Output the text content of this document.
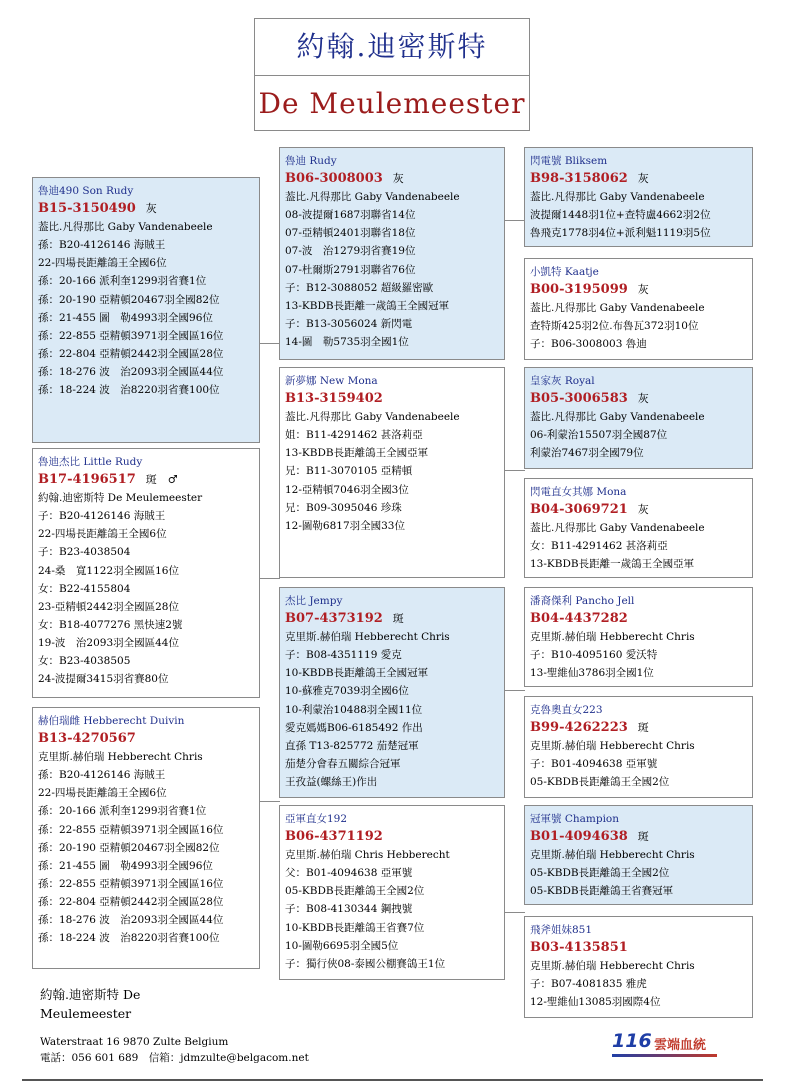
約翰.迪密斯特
De Meulemeester
魯迪490 Son Rudy
B15-3150490 灰
葢比.凡得那比 Gaby Vandenabeele
孫：B20-4126146 海賊王
22-四場長距離鴿王全國6位
孫：20-166 派利奎1299羽省賽1位
孫：20-190 亞精頓20467羽全國82位
孫：21-455 圖　勒4993羽全國96位
孫：22-855 亞精頓3971羽全國區16位
孫：22-804 亞精頓2442羽全國區28位
孫：18-276 波　治2093羽全國區44位
孫：18-224 波　治8220羽省賽100位
魯迪杰比 Little Rudy
B17-4196517 斑　♂
約翰.迪密斯特 De Meulemeester
子：B20-4126146 海賊王
22-四場長距離鴿王全國6位
子：B23-4038504
24-桑　寬1122羽全國區16位
女：B22-4155804
23-亞精頓2442羽全國區28位
女：B18-4077276 黑快速2號
19-波　治2093羽全國區44位
女：B23-4038505
24-波提爾3415羽省賽80位
赫伯瑞雌 Hebberecht Duivin
B13-4270567
克里斯.赫伯瑞 Hebberecht Chris
孫：B20-4126146 海賊王
22-四場長距離鴿王全國6位
孫：20-166 派利奎1299羽省賽1位
孫：22-855 亞精頓3971羽全國區16位
孫：20-190 亞精頓20467羽全國82位
孫：21-455 圖　勒4993羽全國96位
孫：22-855 亞精頓3971羽全國區16位
孫：22-804 亞精頓2442羽全國區28位
孫：18-276 波　治2093羽全國區44位
孫：18-224 波　治8220羽省賽100位
魯迪 Rudy
B06-3008003 灰
葢比.凡得那比 Gaby Vandenabeele
08-波提爾1687羽聯省14位
07-亞精頓2401羽聯省18位
07-波　治1279羽省賽19位
07-杜爾斯2791羽聯省76位
子：B12-3088052 超級羅密歐
13-KBDB長距離一歲鴿王全國冠軍
子：B13-3056024 新閃電
14-圖　勒5735羽全國1位
新夢娜 New Mona
B13-3159402
葢比.凡得那比 Gaby Vandenabeele
姐：B11-4291462 甚洛莉亞
13-KBDB長距離鴿王全國亞軍
兄：B11-3070105 亞精頓
12-亞精頓7046羽全國3位
兄：B09-3095046 珍珠
12-圖勒6817羽全國33位
杰比 Jempy
B07-4373192 斑
克里斯.赫伯瑞 Hebberecht Chris
子：B08-4351119 愛克
10-KBDB長距離鴿王全國冠軍
10-蘇雅克7039羽全國6位
10-利蒙治10488羽全國11位
愛克媽媽B06-6185492 作出
直孫 T13-825772 茄楚冠軍
茄楚分會春五關綜合冠軍
王孜益(螺絲王)作出
亞軍直女192
B06-4371192
克里斯.赫伯瑞 Chris Hebberecht
父：B01-4094638 亞軍號
05-KBDB長距離鴿王全國2位
子：B08-4130344 鋼拽號
10-KBDB長距離鴿王省賽7位
10-圖勒6695羽全國5位
子：獨行俠08-泰國公棚賽鴿王1位
閃電號 Bliksem
B98-3158062 灰
葢比.凡得那比 Gaby Vandenabeele
波提爾1448羽1位+查特盧4662羽2位
魯飛克1778羽4位+派利魁1119羽5位
小凱特 Kaatje
B00-3195099 灰
葢比.凡得那比 Gaby Vandenabeele
查特斯425羽2位.布魯瓦372羽10位
子：B06-3008003 魯迪
皇家灰 Royal
B05-3006583 灰
葢比.凡得那比 Gaby Vandenabeele
06-利蒙治15507羽全國87位
利蒙治7467羽全國79位
閃電直女其娜 Mona
B04-3069721 灰
葢比.凡得那比 Gaby Vandenabeele
女：B11-4291462 甚洛莉亞
13-KBDB長距離一歲鴿王全國亞軍
潘裔傑利 Pancho Jell
B04-4437282
克里斯.赫伯瑞 Hebberecht Chris
子：B10-4095160 愛沃特
13-聖維仙3786羽全國1位
克魯奧直女223
B99-4262223 斑
克里斯.赫伯瑞 Hebberecht Chris
子：B01-4094638 亞軍號
05-KBDB長距離鴿王全國2位
冠軍號 Champion
B01-4094638 斑
克里斯.赫伯瑞 Hebberecht Chris
05-KBDB長距離鴿王全國2位
05-KBDB長距離鴿王省賽冠軍
飛斧姐妹851
B03-4135851
克里斯.赫伯瑞 Hebberecht Chris
子：B07-4081835 雅虎
12-聖維仙13085羽國際4位
約翰.迪密斯特 De Meulemeester
Waterstraat 16 9870 Zulte Belgium
電話：056 601 689　信箱：jdmzulte@belgacom.net
116 雲端血統
